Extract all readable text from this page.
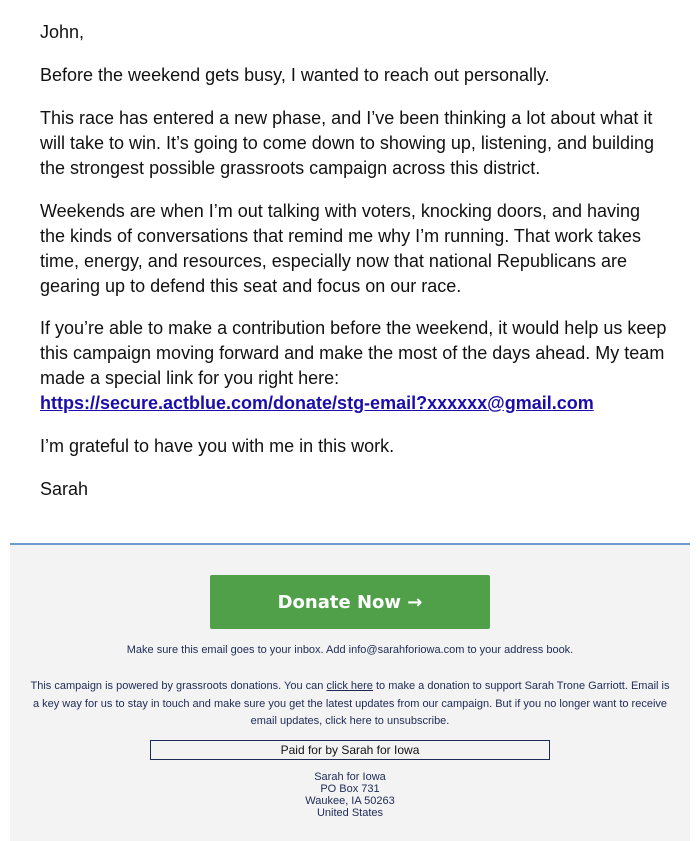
John,

Before the weekend gets busy, I wanted to reach out personally.

This race has entered a new phase, and I’ve been thinking a lot about what it will take to win. It’s going to come down to showing up, listening, and building the strongest possible grassroots campaign across this district.

Weekends are when I’m out talking with voters, knocking doors, and having the kinds of conversations that remind me why I’m running. That work takes time, energy, and resources, especially now that national Republicans are gearing up to defend this seat and focus on our race.

If you’re able to make a contribution before the weekend, it would help us keep this campaign moving forward and make the most of the days ahead. My team made a special link for you right here:
https://secure.actblue.com/donate/stg-email?xxxxxx@gmail.com

I’m grateful to have you with me in this work.

Sarah

Donate Now →
Make sure this email goes to your inbox. Add info@sarahforiowa.com to your address book.
This campaign is powered by grassroots donations. You can click here to make a donation to support Sarah Trone Garriott. Email is a key way for us to stay in touch and make sure you get the latest updates from our campaign. But if you no longer want to receive email updates, click here to unsubscribe.
Paid for by Sarah for Iowa
Sarah for Iowa
PO Box 731
Waukee, IA 50263
United States
